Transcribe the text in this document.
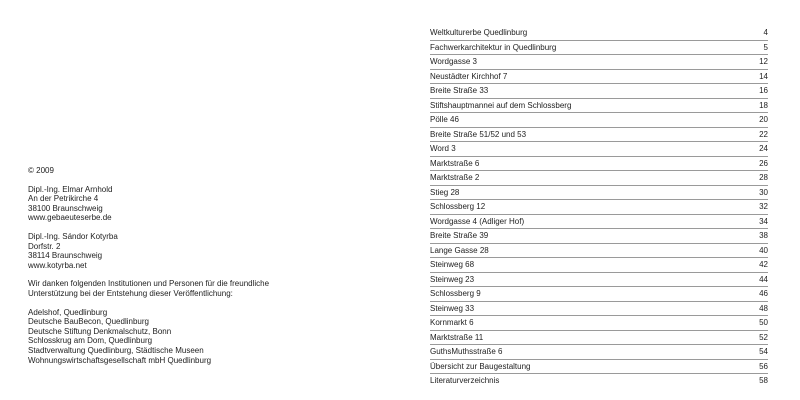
© 2009
Dipl.-Ing. Elmar Arnhold
An der Petrikirche 4
38100 Braunschweig
www.gebaeuteserbe.de
Dipl.-Ing. Sándor Kotyrba
Dorfstr. 2
38114 Braunschweig
www.kotyrba.net
Wir danken folgenden Institutionen und Personen für die freundliche
Unterstützung bei der Entstehung dieser Veröffentlichung:
Adelshof, Quedlinburg
Deutsche BauBecon, Quedlinburg
Deutsche Stiftung Denkmalschutz, Bonn
Schlosskrug am Dom, Quedlinburg
Stadtverwaltung Quedlinburg, Städtische Museen
Wohnungswirtschaftsgesellschaft mbH Quedlinburg
Weltkulturerbe Quedlinburg	4
Fachwerkarchitektur in Quedlinburg	5
Wordgasse 3	12
Neustädter Kirchhof 7	14
Breite Straße 33	16
Stiftshauptmannei auf dem Schlossberg	18
Pölle 46	20
Breite Straße 51/52 und 53	22
Word 3	24
Marktstraße 6	26
Marktstraße 2	28
Stieg 28	30
Schlossberg 12	32
Wordgasse 4 (Adliger Hof)	34
Breite Straße 39	38
Lange Gasse 28	40
Steinweg 68	42
Steinweg 23	44
Schlossberg 9	46
Steinweg 33	48
Kornmarkt 6	50
Marktstraße 11	52
GuthsMuthsstraße 6	54
Übersicht zur Baugestaltung	56
Literaturverzeichnis	58
